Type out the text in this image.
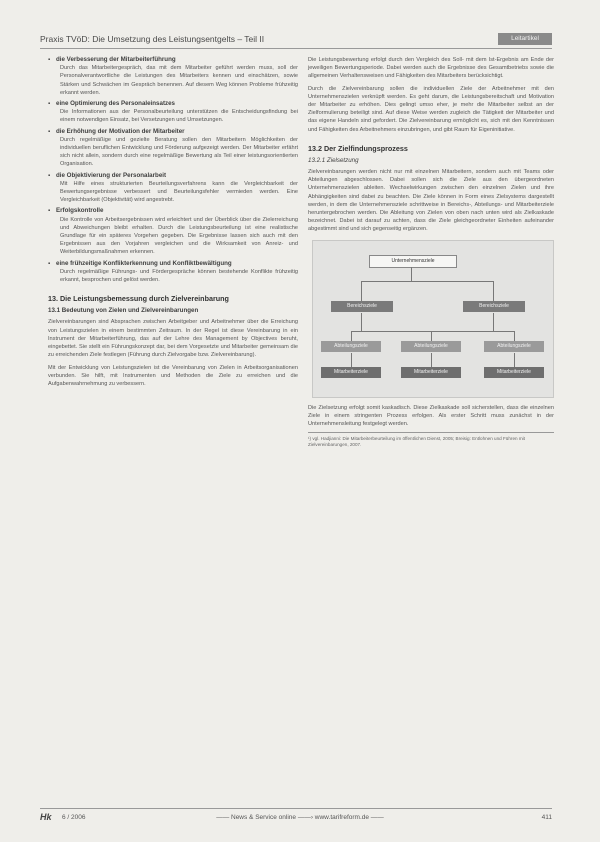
Praxis TVöD: Die Umsetzung des Leistungsentgelts – Teil II	Leitartikel
▪ die Verbesserung der Mitarbeiterführung
Durch das Mitarbeitergespräch, das mit dem Mitarbeiter geführt werden muss, soll der Personalverantwortliche die Leistungen des Mitarbeiters kennen und einschätzen, sowie Stärken und Schwächen im Gespräch benennen. Auf diesem Weg können Probleme frühzeitig erkannt werden.
▪ eine Optimierung des Personaleinsatzes
Die Informationen aus der Personalbeurteilung unterstützen die Entscheidungsfindung bei einem notwendigen Einsatz, bei Versetzungen und Umsetzungen.
▪ die Erhöhung der Motivation der Mitarbeiter
Durch regelmäßige und gezielte Beratung sollen den Mitarbeitern Möglichkeiten der individuellen beruflichen Entwicklung und Förderung aufgezeigt werden. Der Mitarbeiter erfährt sich nicht allein, sondern durch eine regelmäßige Bewertung als Teil einer leistungsorientierten Organisation.
▪ die Objektivierung der Personalarbeit
Mit Hilfe eines strukturierten Beurteilungsverfahrens kann die Vergleichbarkeit der Bewertungsergebnisse verbessert und Beurteilungsfehler vermieden werden. Eine Vergleichbarkeit (Objektivität) wird angestrebt.
▪ Erfolgskontrolle
Die Kontrolle von Arbeitsergebnissen wird erleichtert und der Überblick über die Zielerreichung und Abweichungen bleibt erhalten. Durch die Leistungsbeurteilung ist eine realistische Grundlage für ein späteres Vorgehen gegeben. Die Ergebnisse lassen sich auch mit den Ergebnissen aus den Vorjahren vergleichen und die Wirksamkeit von Anreiz- und Weiterbildungsmaßnahmen erkennen.
▪ eine frühzeitige Konflikterkennung und Konfliktbewältigung
Durch regelmäßige Führungs- und Fördergespräche können bestehende Konflikte frühzeitig erkannt, besprochen und gelöst werden.
13. Die Leistungsbemessung durch Zielvereinbarung
13.1 Bedeutung von Zielen und Zielvereinbarungen

Zielvereinbarungen sind Absprachen zwischen Arbeitgeber und Arbeitnehmer über die Erreichung von Leistungszielen in einem bestimmten Zeitraum. In der Regel ist diese Vereinbarung in ein Instrument der Mitarbeiterführung, das auf der Lehre des Management by Objectives beruht, eingebettet. Sie stellt ein Führungskonzept dar, bei dem Vorgesetzte und Mitarbeiter gemeinsam die zu erreichenden Ziele festlegen (Führung durch Zielvorgabe bzw. Zielvereinbarung).

Mit der Entwicklung von Leistungszielen ist die Vereinbarung von Zielen in Arbeitsorganisationen verbunden. Sie hilft, mit Instrumenten und Methoden die Ziele zu erreichen und die Aufgabenwahrnehmung zu verbessern.

Die Leistungsbewertung erfolgt durch den Vergleich des Soll- mit dem Ist-Ergebnis am Ende der jeweiligen Bewertungsperiode. Dabei werden auch die Ergebnisse des Gesamtbetriebs sowie die allgemeinen Verhaltensweisen und Fähigkeiten des Mitarbeiters berücksichtigt.

Durch die Zielvereinbarung sollen die individuellen Ziele der Arbeitnehmer mit den Unternehmenszielen verknüpft werden. Es geht darum, die Leistungsbereitschaft und Motivation der Mitarbeiter zu erhöhen. Dies gelingt umso eher, je mehr die Mitarbeiter selbst an der Zielformulierung beteiligt sind. Auf diese Weise werden zugleich die Tätigkeit der Mitarbeiter und das eigene Handeln sind gefordert. Die Zielvereinbarung ermöglicht es, sich mit den Kenntnissen und Fähigkeiten des Arbeitnehmers einzubringen, und gibt Raum für Eigeninitiative.

13.2 Der Zielfindungsprozess
13.2.1 Zielsetzung

Zielvereinbarungen werden nicht nur mit einzelnen Mitarbeitern, sondern auch mit Teams oder Abteilungen abgeschlossen. Dabei sollen sich die Ziele aus den übergeordneten Unternehmenszielen ableiten. Wechselwirkungen zwischen den einzelnen Zielen und ihre Abhängigkeiten sind dabei zu beachten. Die Ziele können in Form eines Zielsystems dargestellt werden, in dem die Unternehmensziele schrittweise in Bereichs-, Abteilungs- und Mitarbeiterziele heruntergebrochen werden. Die Ableitung von Zielen von oben nach unten wird als Zielkaskade bezeichnet. Dabei ist darauf zu achten, dass die Ziele gleichgeordneter Einheiten aufeinander abgestimmt sind und sich gegenseitig ergänzen.

Unternehmensziele
Bereichsziele	Bereichsziele
Abteilungsziele	Abteilungsziele	Abteilungsziele
Mitarbeiterziele	Mitarbeiterziele	Mitarbeiterziele

Die Zielsetzung erfolgt somit kaskadisch. Diese Zielkaskade soll sicherstellen, dass die einzelnen Ziele in einem stringenten Prozess erfolgen. Als erster Schritt muss zunächst in der Unternehmensleitung festgelegt werden.

¹) vgl. Hadjianni: Die Mitarbeiterbeurteilung im öffentlichen Dienst, 2005; Breisig: Entlohnen und Führen mit Zielvereinbarungen, 2007.
Hk 6 / 2006	—— News & Service online ——› www.tarifreform.de ——	411
